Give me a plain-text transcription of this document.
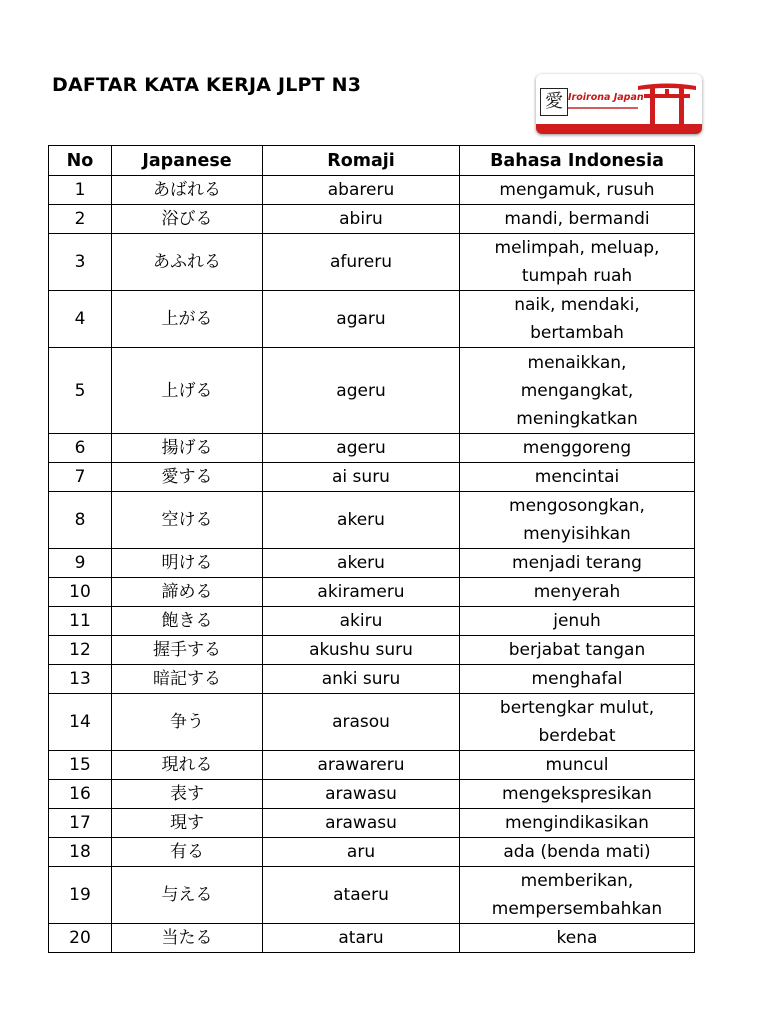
DAFTAR KATA KERJA JLPT N3
愛 Iroirona Japan
No	Japanese	Romaji	Bahasa Indonesia
1	あばれる	abareru	mengamuk, rusuh
2	浴びる	abiru	mandi, bermandi
3	あふれる	afureru	melimpah, meluap,
tumpah ruah
4	上がる	agaru	naik, mendaki,
bertambah
5	上げる	ageru	menaikkan,
mengangkat,
meningkatkan
6	揚げる	ageru	menggoreng
7	愛する	ai suru	mencintai
8	空ける	akeru	mengosongkan,
menyisihkan
9	明ける	akeru	menjadi terang
10	諦める	akirameru	menyerah
11	飽きる	akiru	jenuh
12	握手する	akushu suru	berjabat tangan
13	暗記する	anki suru	menghafal
14	争う	arasou	bertengkar mulut,
berdebat
15	現れる	arawareru	muncul
16	表す	arawasu	mengekspresikan
17	現す	arawasu	mengindikasikan
18	有る	aru	ada (benda mati)
19	与える	ataeru	memberikan,
mempersembahkan
20	当たる	ataru	kena
